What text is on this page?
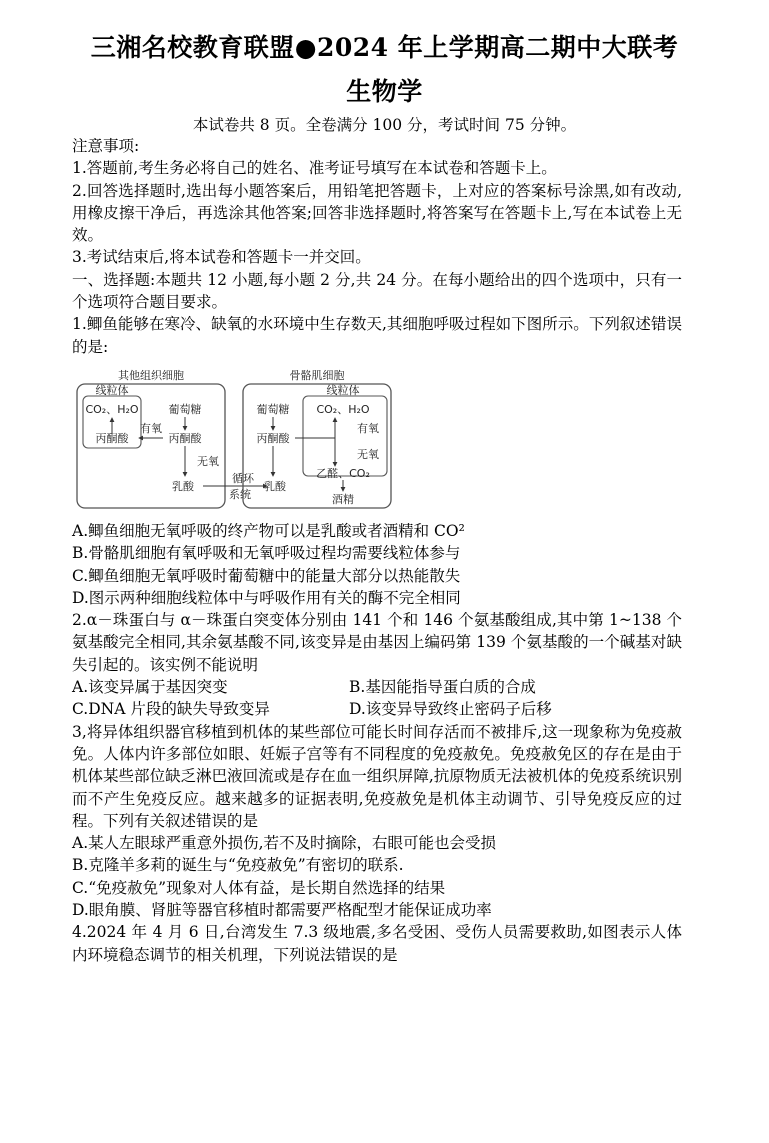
三湘名校教育联盟●2024 年上学期高二期中大联考
生物学
本试卷共 8 页。全卷满分 100 分，考试时间 75 分钟。

注意事项:

1.答题前,考生务必将自己的姓名、准考证号填写在本试卷和答题卡上。

2.回答选择题时,选出每小题答案后，用铅笔把答题卡，上对应的答案标号涂黑,如有改动,用橡皮擦干净后，再选涂其他答案;回答非选择题时,将答案写在答题卡上,写在本试卷上无效。

3.考试结束后,将本试卷和答题卡一并交回。

一、选择题:本题共 12 小题,每小题 2 分,共 24 分。在每小题给出的四个选项中，只有一个选项符合题目要求。

1.鲫鱼能够在寒冷、缺氧的水环境中生存数天,其细胞呼吸过程如下图所示。下列叙述错误的是:

其他组织细胞
线粒体
CO₂、H₂O
丙酮酸
葡萄糖
丙酮酸
有氧
无氧
乳酸
循环
系统
骨骼肌细胞
线粒体
葡萄糖
丙酮酸
乳酸
CO₂、H₂O
有氧
无氧
乙醛、CO₂
酒精

A.鲫鱼细胞无氧呼吸的终产物可以是乳酸或者酒精和 CO²

B.骨骼肌细胞有氧呼吸和无氧呼吸过程均需要线粒体参与

C.鲫鱼细胞无氧呼吸时葡萄糖中的能量大部分以热能散失

D.图示两种细胞线粒体中与呼吸作用有关的酶不完全相同

2.α－珠蛋白与 α－珠蛋白突变体分别由 141 个和 146 个氨基酸组成,其中第 1~138 个氨基酸完全相同,其余氨基酸不同,该变异是由基因上编码第 139 个氨基酸的一个碱基对缺失引起的。该实例不能说明

A.该变异属于基因突变	B.基因能指导蛋白质的合成
C.DNA 片段的缺失导致变异	D.该变异导致终止密码子后移

3,将异体组织器官移植到机体的某些部位可能长时间存活而不被排斥,这一现象称为免疫赦免。人体内许多部位如眼、妊娠子宫等有不同程度的免疫赦免。免疫赦免区的存在是由于机体某些部位缺乏淋巴液回流或是存在血一组织屏障,抗原物质无法被机体的免疫系统识别而不产生免疫反应。越来越多的证据表明,免疫赦免是机体主动调节、引导免疫反应的过程。下列有关叙述错误的是

A.某人左眼球严重意外损伤,若不及时摘除，右眼可能也会受损

B.克隆羊多莉的诞生与“免疫赦免”有密切的联系.

C.“免疫赦免”现象对人体有益，是长期自然选择的结果

D.眼角膜、肾脏等器官移植时都需要严格配型才能保证成功率

4.2024 年 4 月 6 日,台湾发生 7.3 级地震,多名受困、受伤人员需要救助,如图表示人体内环境稳态调节的相关机理，下列说法错误的是
